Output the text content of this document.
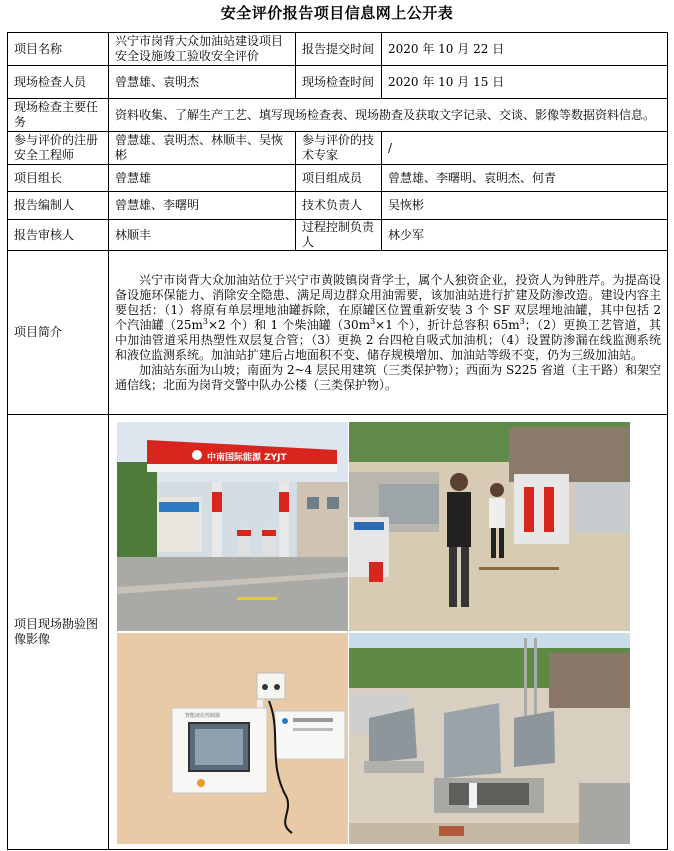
安全评价报告项目信息网上公开表
项目名称	兴宁市岗背大众加油站建设项目安全设施竣工验收安全评价	报告提交时间	2020 年 10 月 22 日
现场检查人员	曾慧雄、袁明杰	现场检查时间	2020 年 10 月 15 日
现场检查主要任务	资料收集、了解生产工艺、填写现场检查表、现场勘查及获取文字记录、交谈、影像等数据资料信息。		
参与评价的注册安全工程师	曾慧雄、袁明杰、林顺丰、吴恢彬	参与评价的技术专家	/
项目组长	曾慧雄	项目组成员	曾慧雄、李曙明、袁明杰、何青
报告编制人	曾慧雄、李曙明	技术负责人	吴恢彬
报告审核人	林顺丰	过程控制负责人	林少军
项目简介	兴宁市岗背大众加油站位于兴宁市黄陂镇岗背学士，属个人独资企业，投资人为钟胜芹。为提高设备设施环保能力、消除安全隐患、满足周边群众用油需要，该加油站进行扩建及防渗改造。建设内容主要包括：（1）将原有单层埋地油罐拆除，在原罐区位置重新安装 3 个 SF 双层埋地油罐，其中包括 2 个汽油罐（$25m^3\times 2$ 个）和 1 个柴油罐（$30m^3\times 1$ 个），折计总容积 $65m^3$；（2）更换工艺管道，其中加油管道采用热塑性双层复合管；（3）更换 2 台四枪自吸式加油机；（4）设置防渗漏在线监测系统和液位监测系统。加油站扩建后占地面积不变、储存规模增加、加油站等级不变，仍为三级加油站。

加油站东面为山坡；南面为 2~4 层民用建筑（三类保护物）；西面为 S225 省道（主干路）和架空通信线；北面为岗背交警中队办公楼（三类保护物）。		

项目现场勘验图像影像	中南国际能源 ZYJT
智能液位控制器		
